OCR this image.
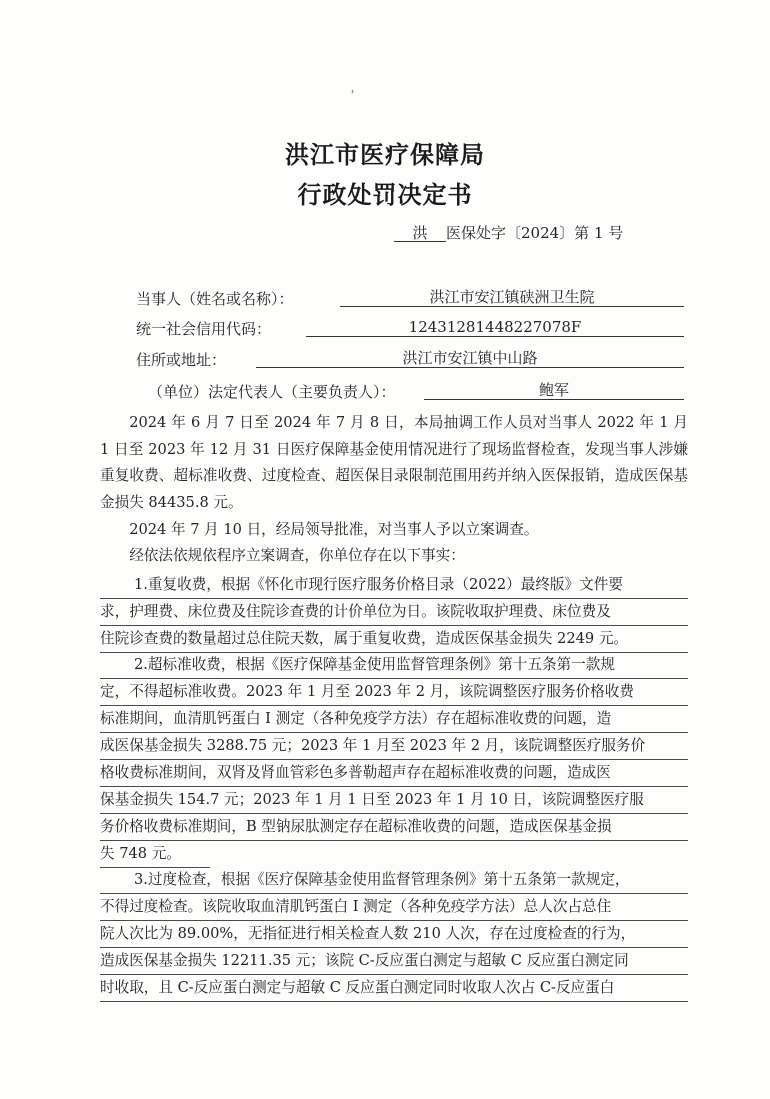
ʾ
洪江市医疗保障局
行政处罚决定书
洪 医保处字〔2024〕第 1 号
当事人（姓名或名称）：	洪江市安江镇硖洲卫生院
统一社会信用代码：	12431281448227078F
住所或地址：	洪江市安江镇中山路
（单位）法定代表人（主要负责人）：	鲍军

2024 年 6 月 7 日至 2024 年 7 月 8 日，本局抽调工作人员对当事人 2022 年 1 月 1 日至 2023 年 12 月 31 日医疗保障基金使用情况进行了现场监督检查，发现当事人涉嫌重复收费、超标准收费、过度检查、超医保目录限制范围用药并纳入医保报销，造成医保基金损失 84435.8 元。

2024 年 7 月 10 日，经局领导批准，对当事人予以立案调查。

经依法依规依程序立案调查，你单位存在以下事实：

1.重复收费，根据《怀化市现行医疗服务价格目录（2022）最终版》文件要
求，护理费、床位费及住院诊查费的计价单位为日。该院收取护理费、床位费及
住院诊查费的数量超过总住院天数，属于重复收费，造成医保基金损失 2249 元。
2.超标准收费，根据《医疗保障基金使用监督管理条例》第十五条第一款规
定，不得超标准收费。2023 年 1 月至 2023 年 2 月，该院调整医疗服务价格收费
标准期间，血清肌钙蛋白 I 测定（各种免疫学方法）存在超标准收费的问题，造
成医保基金损失 3288.75 元；2023 年 1 月至 2023 年 2 月，该院调整医疗服务价
格收费标准期间，双肾及肾血管彩色多普勒超声存在超标准收费的问题，造成医
保基金损失 154.7 元；2023 年 1 月 1 日至 2023 年 1 月 10 日，该院调整医疗服
务价格收费标准期间，B 型钠尿肽测定存在超标准收费的问题，造成医保基金损
失 748 元。
3.过度检查，根据《医疗保障基金使用监督管理条例》第十五条第一款规定，
不得过度检查。该院收取血清肌钙蛋白 I 测定（各种免疫学方法）总人次占总住
院人次比为 89.00%，无指征进行相关检查人数 210 人次，存在过度检查的行为，
造成医保基金损失 12211.35 元；该院 C-反应蛋白测定与超敏 C 反应蛋白测定同
时收取，且 C-反应蛋白测定与超敏 C 反应蛋白测定同时收取人次占 C-反应蛋白
